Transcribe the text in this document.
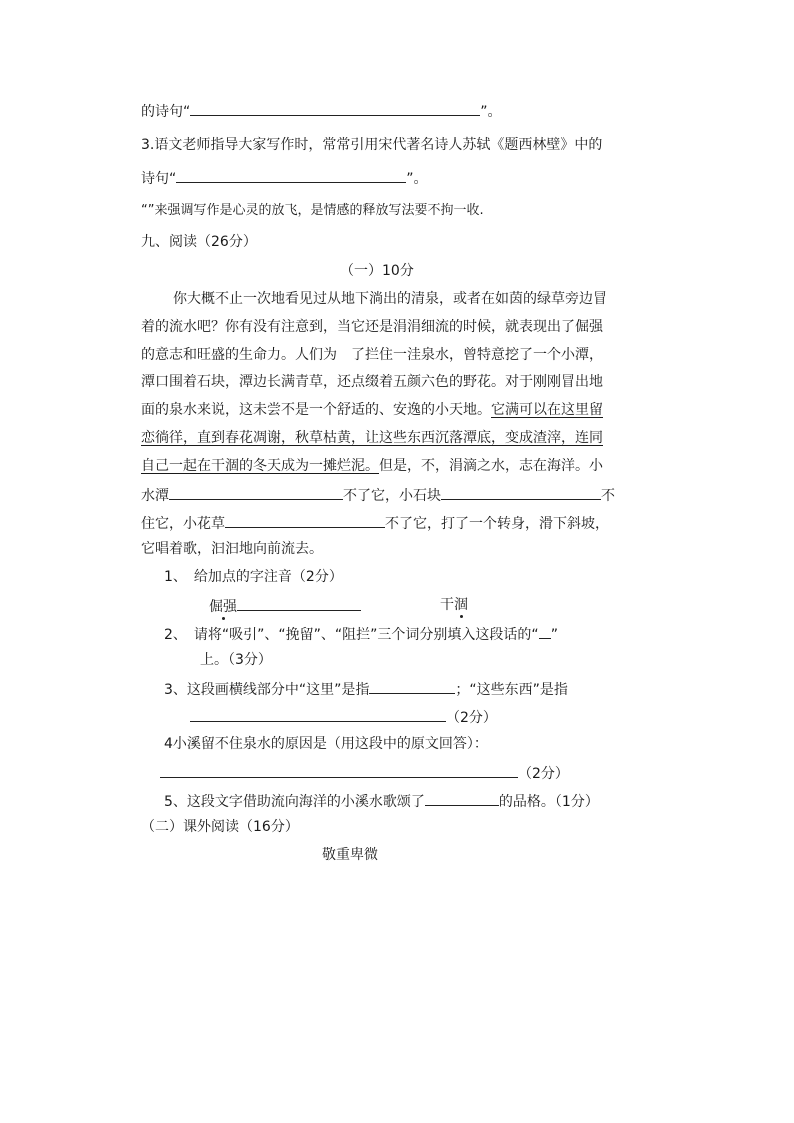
的诗句“	”。
3.语文老师指导大家写作时，常常引用宋代著名诗人苏轼《题西林壁》中的
诗句“	”。
“”来强调写作是心灵的放飞，是情感的释放写法要不拘一收.
九、阅读（26分）
（一）10分
你大概不止一次地看见过从地下淌出的清泉，或者在如茵的绿草旁边冒
着的流水吧？你有没有注意到，当它还是涓涓细流的时候，就表现出了倔强
的意志和旺盛的生命力。人们为　了拦住一洼泉水，曾特意挖了一个小潭，
潭口围着石块，潭边长满青草，还点缀着五颜六色的野花。对于刚刚冒出地
面的泉水来说，这未尝不是一个舒适的、安逸的小天地。它满可以在这里留
恋徜徉，直到春花凋谢，秋草枯黄，让这些东西沉落潭底，变成渣滓，连同
自己一起在干涸的冬天成为一摊烂泥。但是，不，涓滴之水，志在海洋。小
水潭	不了它，小石块	不
住它，小花草	不了它，打了一个转身，滑下斜坡，
它唱着歌，汩汩地向前流去。
1、　给加点的字注音（2分）
倔强	干涸
2、　请将“吸引”、“挽留”、“阻拦”三个词分别填入这段话的“ ”
上。（3分）
3、这段画横线部分中“这里”是指	；“这些东西”是指
（2分）
4小溪留不住泉水的原因是（用这段中的原文回答）：
（2分）
5、这段文字借助流向海洋的小溪水歌颂了	的品格。（1分）
（二）课外阅读（16分）
敬重卑微
